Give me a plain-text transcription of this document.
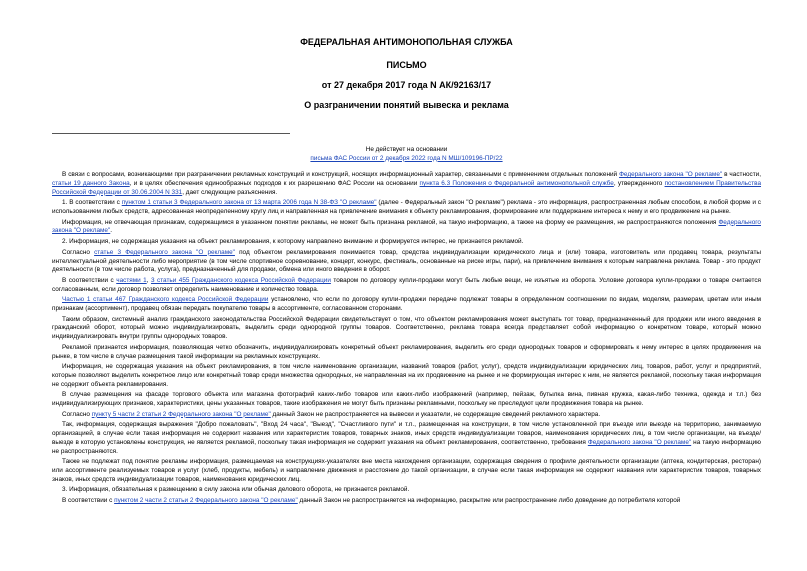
ФЕДЕРАЛЬНАЯ АНТИМОНОПОЛЬНАЯ СЛУЖБА
ПИСЬМО
от 27 декабря 2017 года N АК/92163/17
О разграничении понятий вывеска и реклама
Не действует на основании
письма ФАС России от 2 декабря 2022 года N МШ/109196-ПР/22

В связи с вопросами, возникающими при разграничении рекламных конструкций и конструкций, носящих информационный характер, связанными с применением отдельных положений Федерального закона "О рекламе" в частности, статьи 19 данного Закона, и в целях обеспечения единообразных подходов к их разрешению ФАС России на основании пункта 6.3 Положения о Федеральной антимонопольной службе, утвержденного постановлением Правительства Российской Федерации от 30.06.2004 N 331, дает следующие разъяснения.

1. В соответствии с пунктом 1 статьи 3 Федерального закона от 13 марта 2006 года N 38-ФЗ "О рекламе" (далее - Федеральный закон "О рекламе") реклама - это информация, распространенная любым способом, в любой форме и с использованием любых средств, адресованная неопределенному кругу лиц и направленная на привлечение внимания к объекту рекламирования, формирование или поддержание интереса к нему и его продвижение на рынке.

Информация, не отвечающая признакам, содержащимся в указанном понятии рекламы, не может быть признана рекламой, на такую информацию, а также на форму ее размещения, не распространяются положения Федерального закона "О рекламе".

2. Информация, не содержащая указания на объект рекламирования, к которому направлено внимание и формируется интерес, не признается рекламой.

Согласно статье 3 Федерального закона "О рекламе" под объектом рекламирования понимается товар, средства индивидуализации юридического лица и (или) товара, изготовитель или продавец товара, результаты интеллектуальной деятельности либо мероприятие (в том числе спортивное соревнование, концерт, конкурс, фестиваль, основанные на риске игры, пари), на привлечение внимания к которым направлена реклама. Товар - это продукт деятельности (в том числе работа, услуга), предназначенный для продажи, обмена или иного введения в оборот.

В соответствии с частями 1, 3 статьи 455 Гражданского кодекса Российской Федерации товаром по договору купли-продажи могут быть любые вещи, не изъятые из оборота. Условие договора купли-продажи о товаре считается согласованным, если договор позволяет определить наименование и количество товара.

Частью 1 статьи 467 Гражданского кодекса Российской Федерации установлено, что если по договору купли-продажи передаче подлежат товары в определенном соотношении по видам, моделям, размерам, цветам или иным признакам (ассортимент), продавец обязан передать покупателю товары в ассортименте, согласованном сторонами.

Таким образом, системный анализ гражданского законодательства Российской Федерации свидетельствует о том, что объектом рекламирования может выступать тот товар, предназначенный для продажи или иного введения в гражданский оборот, который можно индивидуализировать, выделить среди однородной группы товаров. Соответственно, реклама товара всегда представляет собой информацию о конкретном товаре, который можно индивидуализировать внутри группы однородных товаров.

Рекламой признается информация, позволяющая четко обозначить, индивидуализировать конкретный объект рекламирования, выделить его среди однородных товаров и сформировать к нему интерес в целях продвижения на рынке, в том числе в случае размещения такой информации на рекламных конструкциях.

Информация, не содержащая указания на объект рекламирования, в том числе наименование организации, названий товаров (работ, услуг), средств индивидуализации юридических лиц, товаров, работ, услуг и предприятий, которые позволяют выделить конкретное лицо или конкретный товар среди множества однородных, не направленная на их продвижение на рынке и не формирующая интерес к ним, не является рекламой, поскольку такая информация не содержит объекта рекламирования.

В случае размещения на фасаде торгового объекта или магазина фотографий каких-либо товаров или каких-либо изображений (например, пейзаж, бутылка вина, пивная кружка, какая-либо техника, одежда и т.п.) без индивидуализирующих признаков, характеристики, цены указанных товаров, такие изображения не могут быть признаны рекламными, поскольку не преследуют цели продвижения товара на рынке.

Согласно пункту 5 части 2 статьи 2 Федерального закона "О рекламе" данный Закон не распространяется на вывески и указатели, не содержащие сведений рекламного характера.

Так, информация, содержащая выражения "Добро пожаловать", "Вход 24 часа", "Выезд", "Счастливого пути" и т.п., размещенная на конструкции, в том числе установленной при въезде или выезде на территорию, занимаемую организацией, в случае если такая информация не содержит названия или характеристик товаров, товарных знаков, иных средств индивидуализации товаров, наименования юридических лиц, в том числе организации, на въезде/выезде в которую установлены конструкция, не является рекламой, поскольку такая информация не содержит указания на объект рекламирования, соответственно, требования Федерального закона "О рекламе" на такую информацию не распространяются.

Также не подлежат под понятие рекламы информация, размещаемая на конструкциях-указателях вне места нахождения организации, содержащая сведения о профиле деятельности организации (аптека, кондитерская, ресторан) или ассортименте реализуемых товаров и услуг (хлеб, продукты, мебель) и направление движения и расстояние до такой организации, в случае если такая информация не содержит названия или характеристик товаров, товарных знаков, иных средств индивидуализации товаров, наименования юридических лиц.

3. Информация, обязательная к размещению в силу закона или обычая делового оборота, не признается рекламой.

В соответствии с пунктом 2 части 2 статьи 2 Федерального закона "О рекламе" данный Закон не распространяется на информацию, раскрытие или распространение либо доведение до потребителя которой
